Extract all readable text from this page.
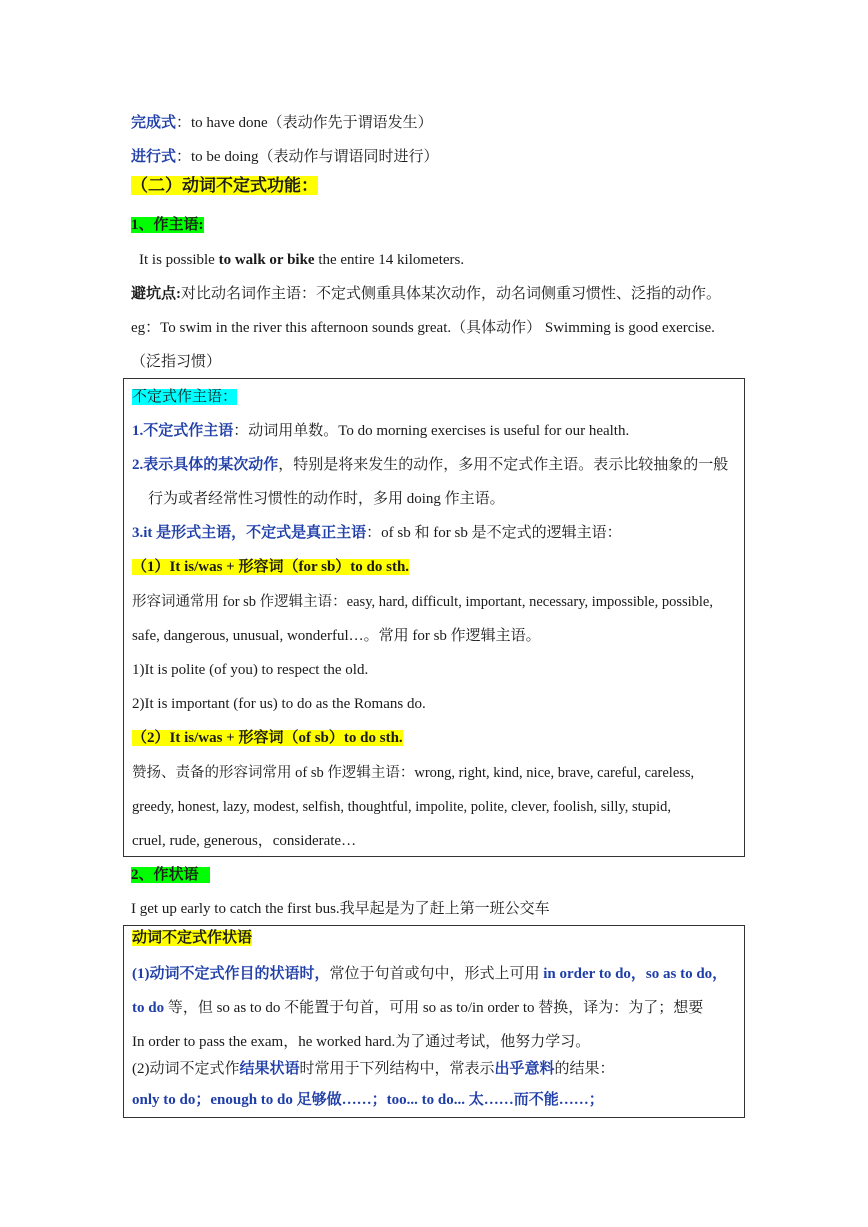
完成式：to have done（表动作先于谓语发生）
进行式：to be doing（表动作与谓语同时进行）
（二）动词不定式功能：
1、作主语:
It is possible to walk or bike the entire 14 kilometers.
避坑点:对比动名词作主语：不定式侧重具体某次动作，动名词侧重习惯性、泛指的动作。
eg：To swim in the river this afternoon sounds great.（具体动作） Swimming is good exercise.
（泛指习惯）
不定式作主语：
1.不定式作主语：动词用单数。To do morning exercises is useful for our health.
2.表示具体的某次动作，特别是将来发生的动作，多用不定式作主语。表示比较抽象的一般
行为或者经常性习惯性的动作时，多用 doing 作主语。
3.it 是形式主语，不定式是真正主语：of sb 和 for sb 是不定式的逻辑主语：
（1）It is/was + 形容词（for sb）to do sth.
形容词通常用 for sb 作逻辑主语：easy, hard, difficult, important, necessary, impossible, possible,
safe, dangerous, unusual, wonderful…。常用 for sb 作逻辑主语。
1)It is polite (of you) to respect the old.
2)It is important (for us) to do as the Romans do.
（2）It is/was + 形容词（of sb）to do sth.
赞扬、责备的形容词常用 of sb 作逻辑主语：wrong, right, kind, nice, brave, careful, careless,
greedy, honest, lazy, modest, selfish, thoughtful, impolite, polite, clever, foolish, silly, stupid,
cruel, rude, generous，considerate…
2、作状语
I get up early to catch the first bus.我早起是为了赶上第一班公交车
动词不定式作状语
(1)动词不定式作目的状语时，常位于句首或句中，形式上可用 in order to do，so as to do，
to do 等，但 so as to do 不能置于句首，可用 so as to/in order to 替换，译为：为了；想要
In order to pass the exam，he worked hard.为了通过考试，他努力学习。
(2)动词不定式作结果状语时常用于下列结构中，常表示出乎意料的结果：
only to do；enough to do 足够做……；too... to do... 太……而不能……；
